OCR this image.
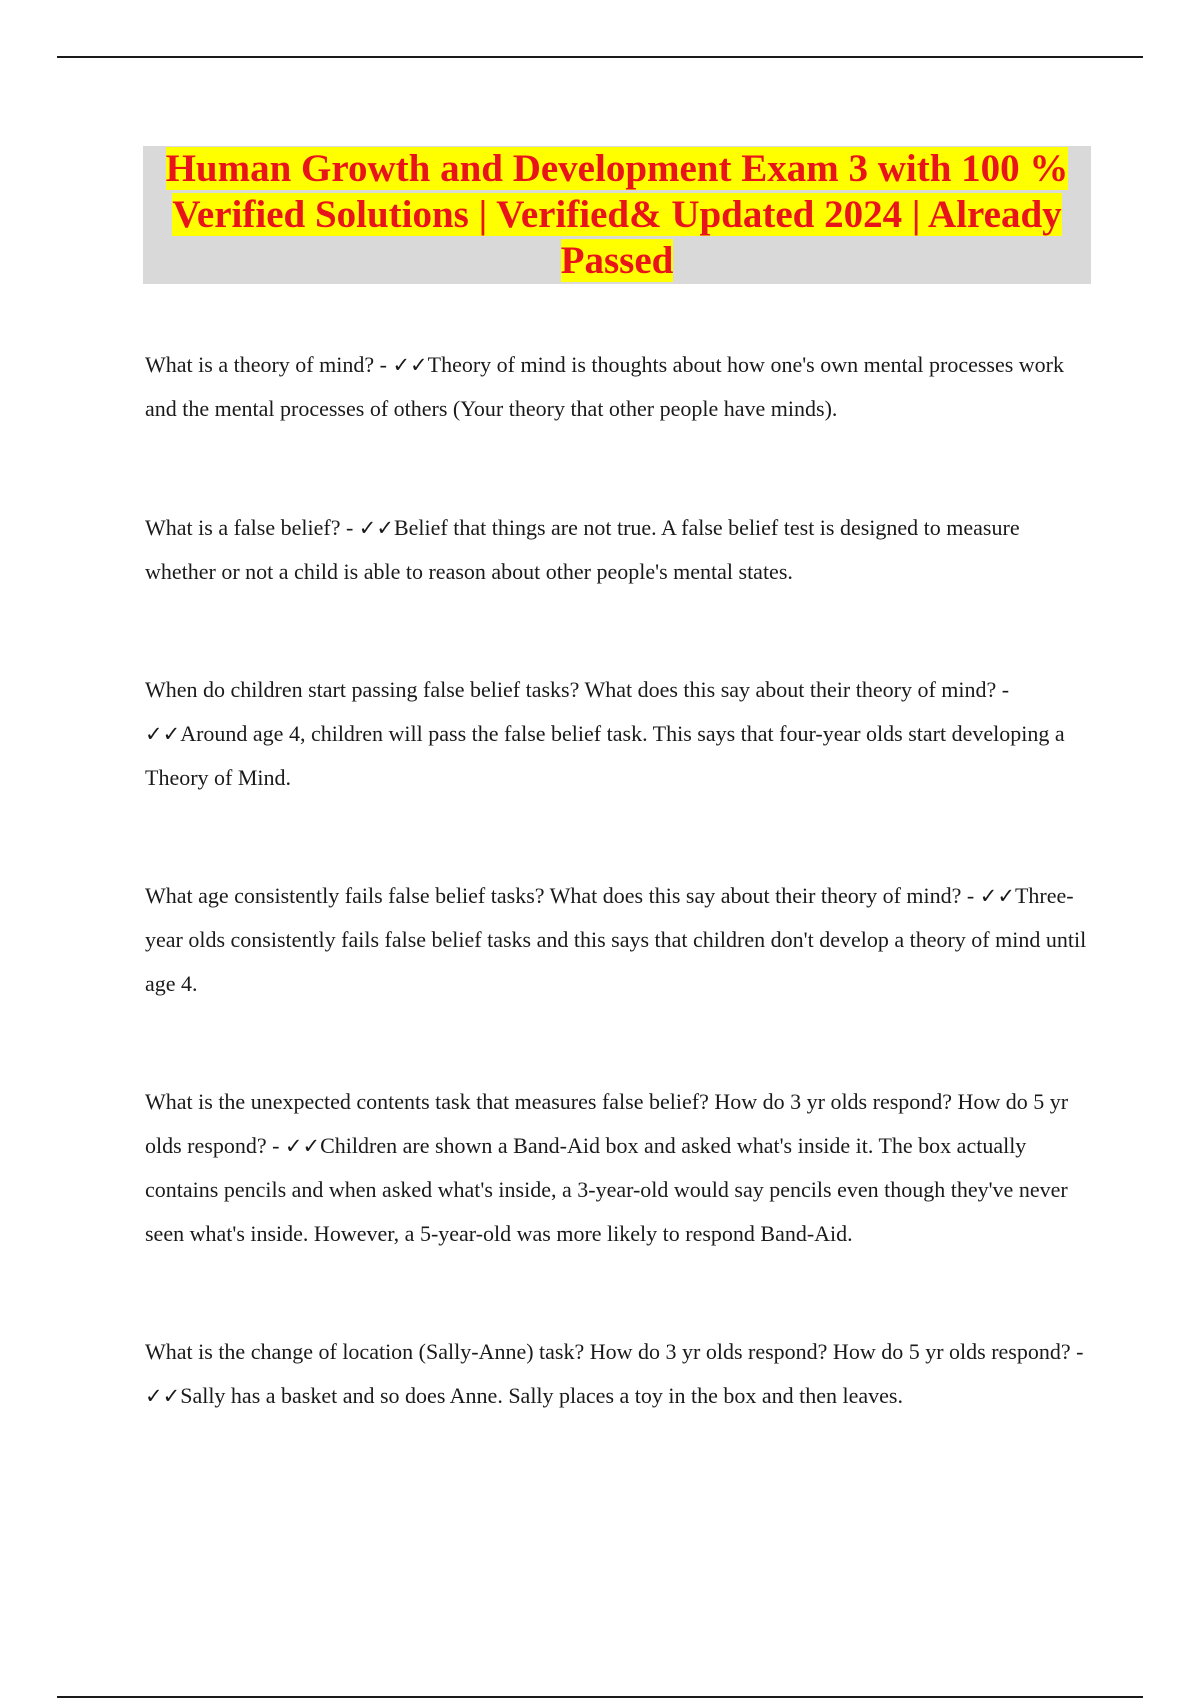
Human Growth and Development Exam 3 with 100 %
Verified Solutions | Verified& Updated 2024 | Already
Passed

What is a theory of mind? - ✓✓Theory of mind is thoughts about how one's own mental processes work and the mental processes of others (Your theory that other people have minds).

What is a false belief? - ✓✓Belief that things are not true. A false belief test is designed to measure whether or not a child is able to reason about other people's mental states.

When do children start passing false belief tasks? What does this say about their theory of mind? - ✓✓Around age 4, children will pass the false belief task. This says that four-year olds start developing a Theory of Mind.

What age consistently fails false belief tasks? What does this say about their theory of mind? - ✓✓Three-year olds consistently fails false belief tasks and this says that children don't develop a theory of mind until age 4.

What is the unexpected contents task that measures false belief? How do 3 yr olds respond? How do 5 yr olds respond? - ✓✓Children are shown a Band-Aid box and asked what's inside it. The box actually contains pencils and when asked what's inside, a 3-year-old would say pencils even though they've never seen what's inside. However, a 5-year-old was more likely to respond Band-Aid.

What is the change of location (Sally-Anne) task? How do 3 yr olds respond? How do 5 yr olds respond? - ✓✓Sally has a basket and so does Anne. Sally places a toy in the box and then leaves.
